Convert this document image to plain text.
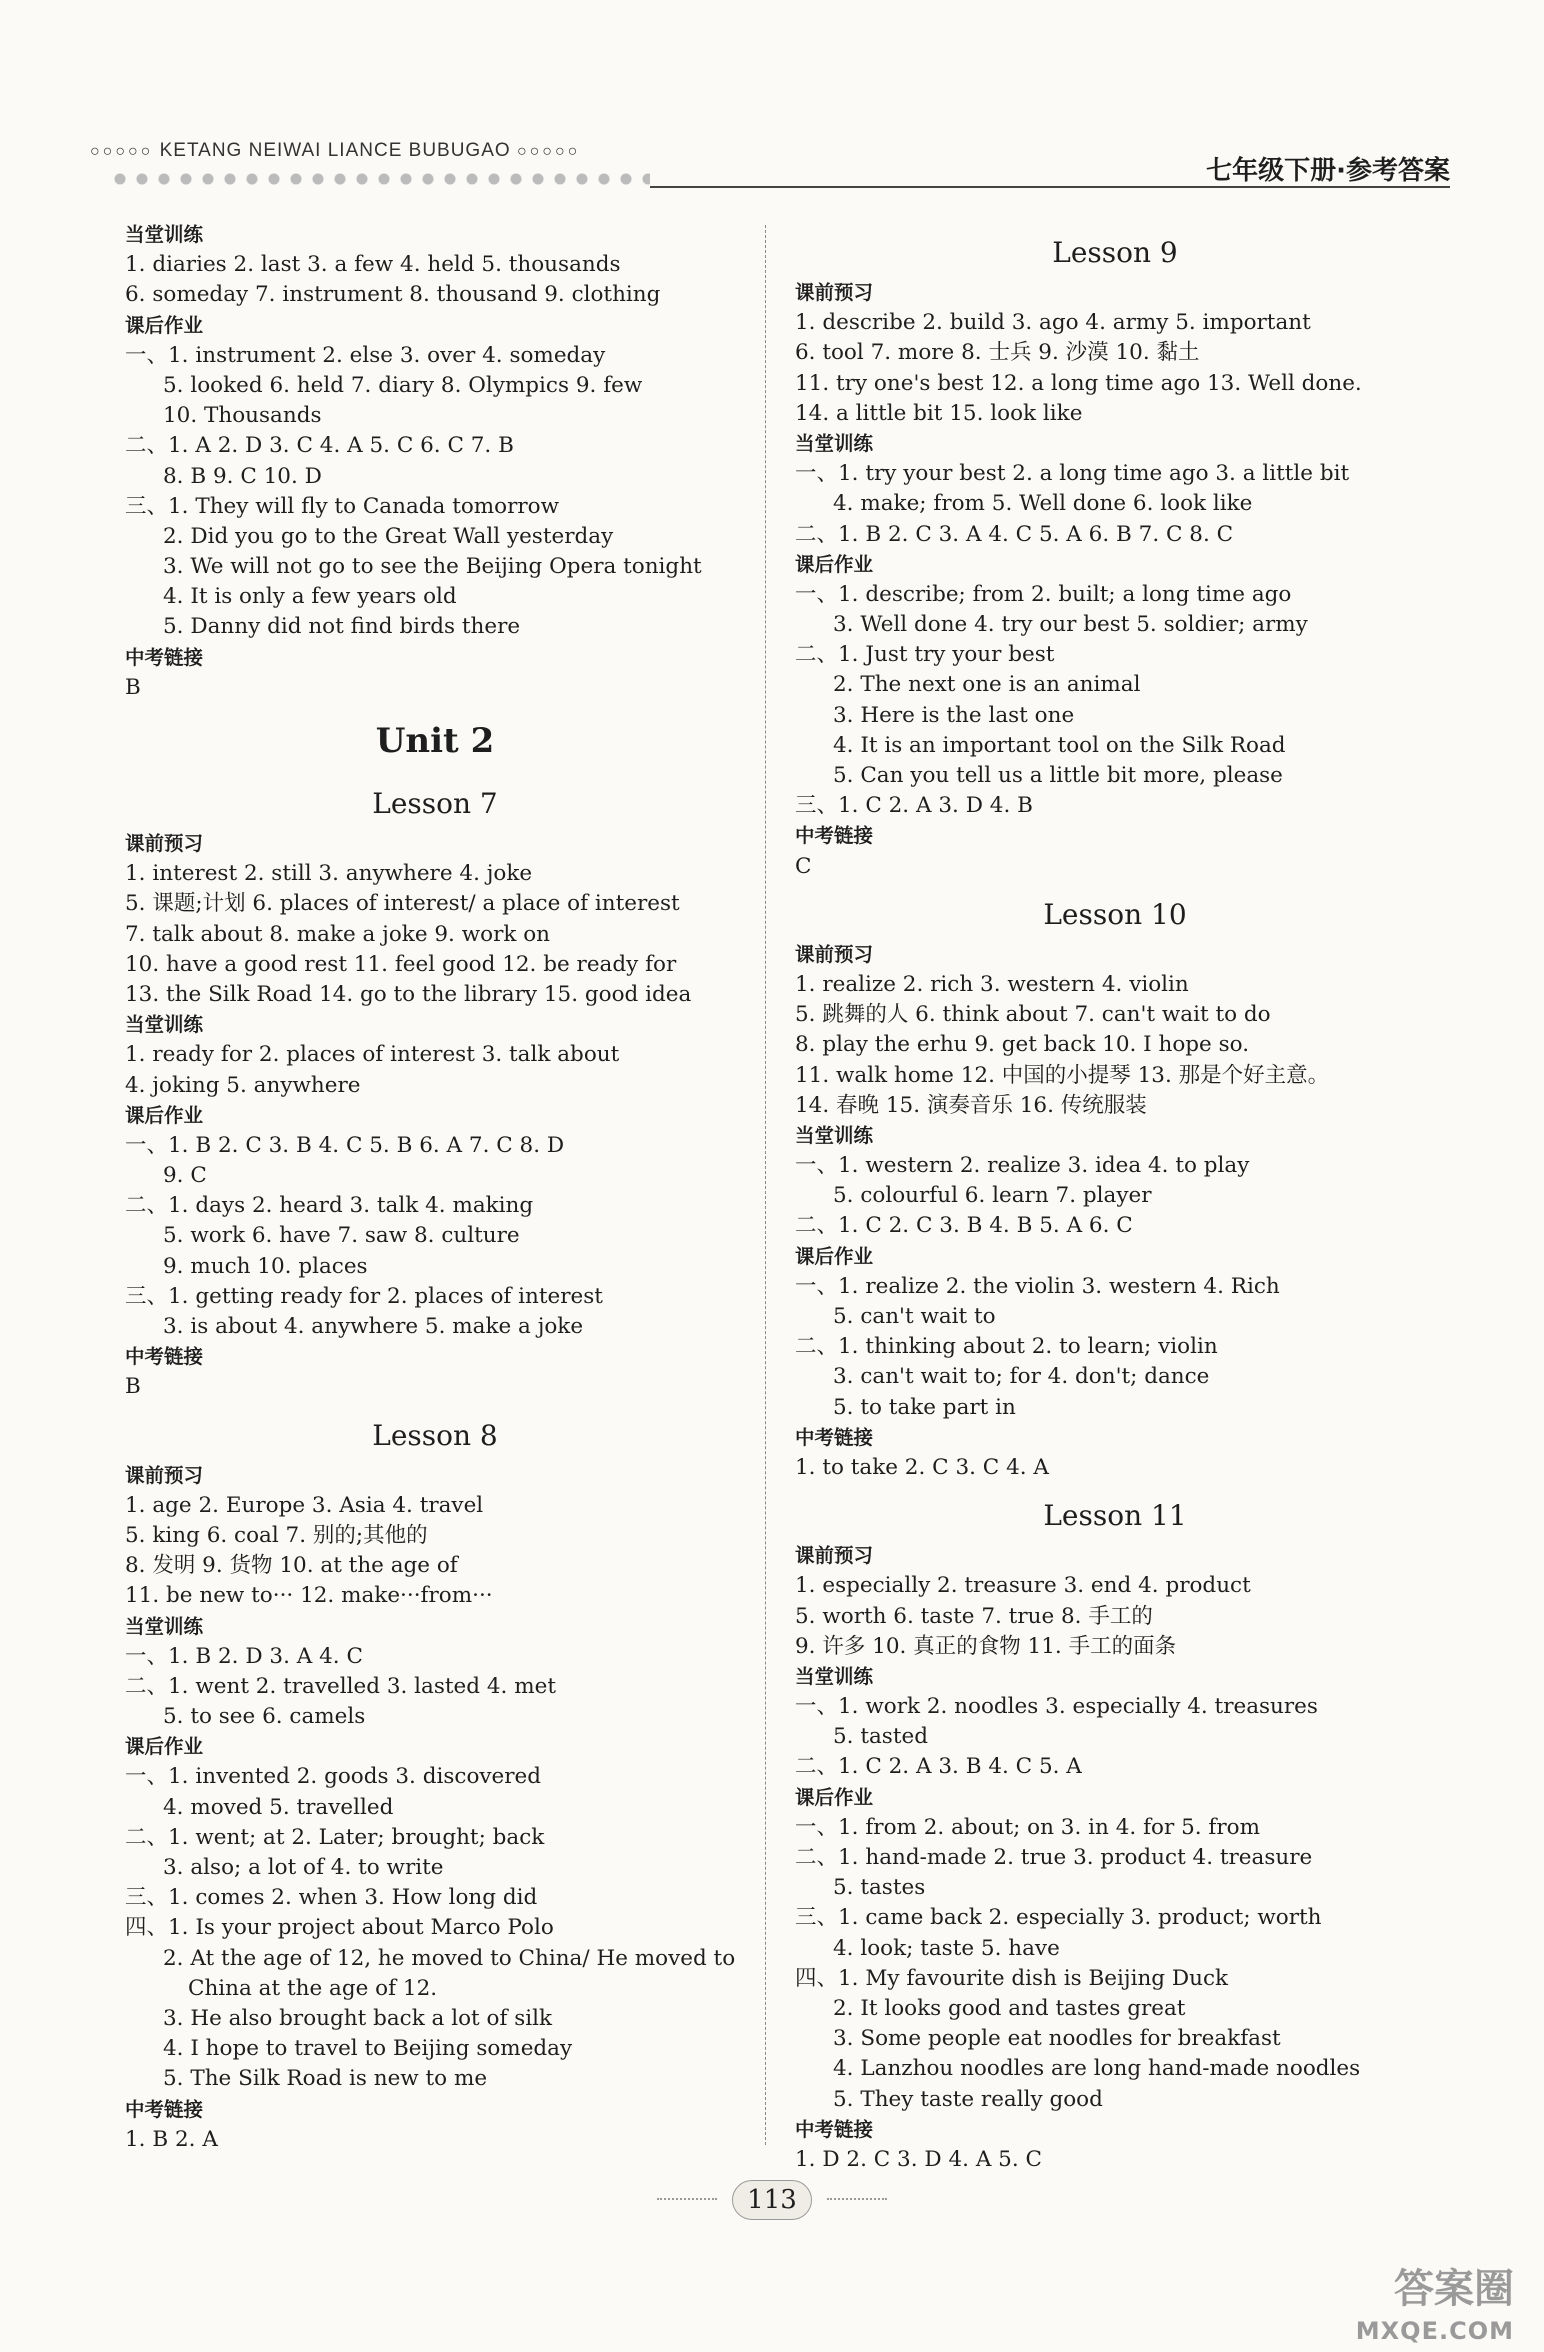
○○○○○ KETANG NEIWAI LIANCE BUBUGAO ○○○○○
七年级下册·参考答案
当堂训练
1. diaries 2. last 3. a few 4. held 5. thousands
6. someday 7. instrument 8. thousand 9. clothing
课后作业
一、1. instrument 2. else 3. over 4. someday
5. looked 6. held 7. diary 8. Olympics 9. few
10. Thousands
二、1. A 2. D 3. C 4. A 5. C 6. C 7. B
8. B 9. C 10. D
三、1. They will fly to Canada tomorrow
2. Did you go to the Great Wall yesterday
3. We will not go to see the Beijing Opera tonight
4. It is only a few years old
5. Danny did not find birds there
中考链接
B
Unit 2
Lesson 7
课前预习
1. interest 2. still 3. anywhere 4. joke
5. 课题;计划 6. places of interest/ a place of interest
7. talk about 8. make a joke 9. work on
10. have a good rest 11. feel good 12. be ready for
13. the Silk Road 14. go to the library 15. good idea
当堂训练
1. ready for 2. places of interest 3. talk about
4. joking 5. anywhere
课后作业
一、1. B 2. C 3. B 4. C 5. B 6. A 7. C 8. D
9. C
二、1. days 2. heard 3. talk 4. making
5. work 6. have 7. saw 8. culture
9. much 10. places
三、1. getting ready for 2. places of interest
3. is about 4. anywhere 5. make a joke
中考链接
B
Lesson 8
课前预习
1. age 2. Europe 3. Asia 4. travel
5. king 6. coal 7. 别的;其他的
8. 发明 9. 货物 10. at the age of
11. be new to··· 12. make···from···
当堂训练
一、1. B 2. D 3. A 4. C
二、1. went 2. travelled 3. lasted 4. met
5. to see 6. camels
课后作业
一、1. invented 2. goods 3. discovered
4. moved 5. travelled
二、1. went; at 2. Later; brought; back
3. also; a lot of 4. to write
三、1. comes 2. when 3. How long did
四、1. Is your project about Marco Polo
2. At the age of 12, he moved to China/ He moved to
China at the age of 12.
3. He also brought back a lot of silk
4. I hope to travel to Beijing someday
5. The Silk Road is new to me
中考链接
1. B 2. A
Lesson 9
课前预习
1. describe 2. build 3. ago 4. army 5. important
6. tool 7. more 8. 士兵 9. 沙漠 10. 黏土
11. try one's best 12. a long time ago 13. Well done.
14. a little bit 15. look like
当堂训练
一、1. try your best 2. a long time ago 3. a little bit
4. make; from 5. Well done 6. look like
二、1. B 2. C 3. A 4. C 5. A 6. B 7. C 8. C
课后作业
一、1. describe; from 2. built; a long time ago
3. Well done 4. try our best 5. soldier; army
二、1. Just try your best
2. The next one is an animal
3. Here is the last one
4. It is an important tool on the Silk Road
5. Can you tell us a little bit more, please
三、1. C 2. A 3. D 4. B
中考链接
C
Lesson 10
课前预习
1. realize 2. rich 3. western 4. violin
5. 跳舞的人 6. think about 7. can't wait to do
8. play the erhu 9. get back 10. I hope so.
11. walk home 12. 中国的小提琴 13. 那是个好主意。
14. 春晚 15. 演奏音乐 16. 传统服装
当堂训练
一、1. western 2. realize 3. idea 4. to play
5. colourful 6. learn 7. player
二、1. C 2. C 3. B 4. B 5. A 6. C
课后作业
一、1. realize 2. the violin 3. western 4. Rich
5. can't wait to
二、1. thinking about 2. to learn; violin
3. can't wait to; for 4. don't; dance
5. to take part in
中考链接
1. to take 2. C 3. C 4. A
Lesson 11
课前预习
1. especially 2. treasure 3. end 4. product
5. worth 6. taste 7. true 8. 手工的
9. 许多 10. 真正的食物 11. 手工的面条
当堂训练
一、1. work 2. noodles 3. especially 4. treasures
5. tasted
二、1. C 2. A 3. B 4. C 5. A
课后作业
一、1. from 2. about; on 3. in 4. for 5. from
二、1. hand-made 2. true 3. product 4. treasure
5. tastes
三、1. came back 2. especially 3. product; worth
4. look; taste 5. have
四、1. My favourite dish is Beijing Duck
2. It looks good and tastes great
3. Some people eat noodles for breakfast
4. Lanzhou noodles are long hand-made noodles
5. They taste really good
中考链接
1. D 2. C 3. D 4. A 5. C
113
答案圈
MXQE.COM
